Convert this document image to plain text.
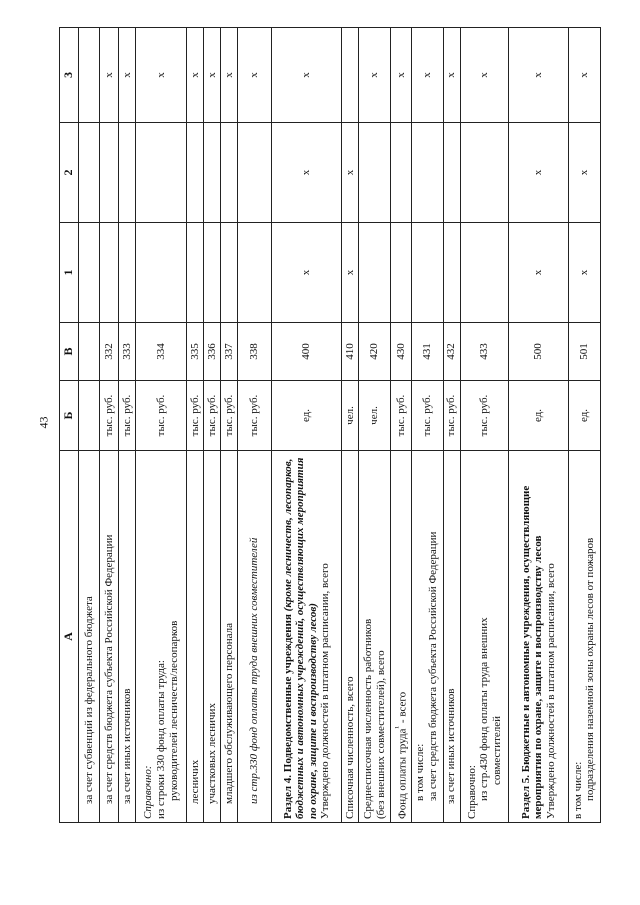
43
A	Б	В	1	2	3
за счет субвенций из федерального бюджета					
за счет средств бюджета субъекта Российской Федерации	тыс. руб.	332			x
за счет иных источников	тыс. руб.	333			x

Справочно: из строки 330 фонд оплаты труда: руководителей лесничеств/лесопарков	тыс. руб.	334			x
лесничих	тыс. руб.	335			x
участковых лесничих	тыс. руб.	336			x
младшего обслуживающего персонала	тыс. руб.	337			x
из стр.330 фонд оплаты труда внешних совместителей	тыс. руб.	338			x
Раздел 4. Подведомственные учреждения (кроме лесничеств, лесопарков, бюджетных и автономных учреждений, осуществляющих мероприятия по охране, защите и воспроизводству лесов) Утверждено должностей в штатном расписании, всего	ед.	400	x	x	x
Списочная численность, всего	чел.	410	x	x	

Среднесписочная численность работников (без внешних совместителей), всего	чел.	420			x
Фонд оплаты труда$^{^1}$ - всего	тыс. руб.	430			x

в том числе: за счет средств бюджета субъекта Российской Федерации	тыс. руб.	431			x
за счет иных источников	тыс. руб.	432			x

Справочно: из стр.430 фонд оплаты труда внешних совместителей	тыс. руб.	433			x

Раздел 5. Бюджетные и автономные учреждения, осуществляющие мероприятия по охране, защите и воспроизводству лесов Утверждено должностей в штатном расписании, всего	ед.	500	x	x	x

в том числе: подразделения наземной зоны охраны лесов от пожаров	ед.	501	x	x	x
